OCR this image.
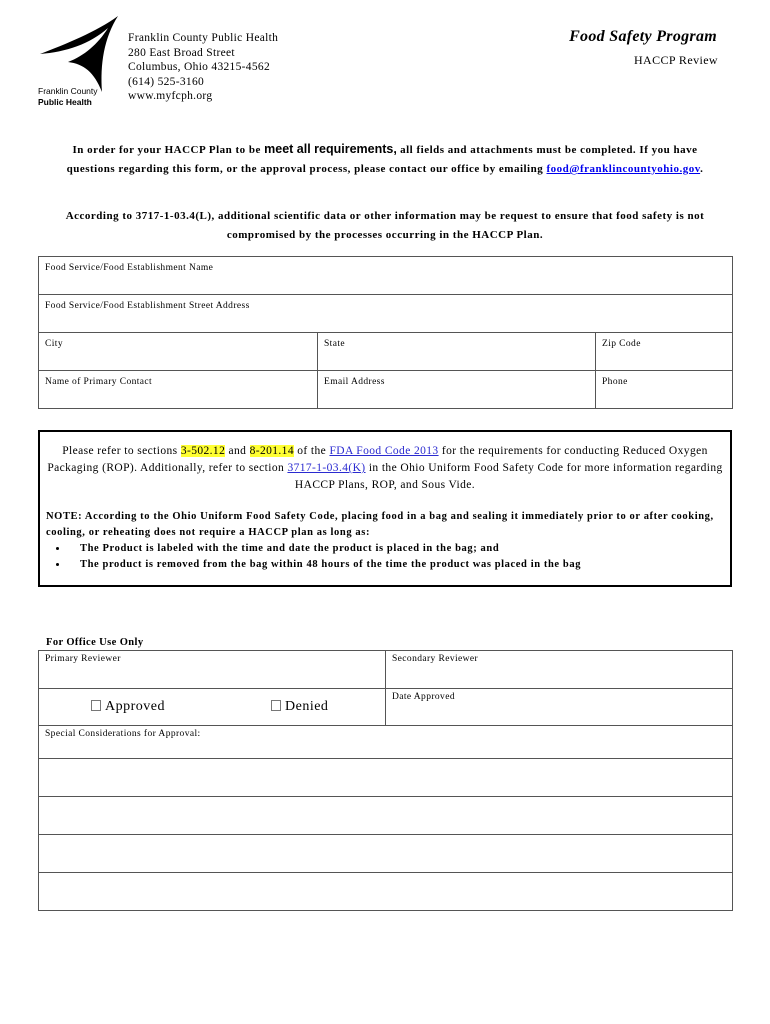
Franklin County
Public Health
Franklin County Public Health
280 East Broad Street
Columbus, Ohio 43215-4562
(614) 525-3160
www.myfcph.org
Food Safety Program
HACCP Review
In order for your HACCP Plan to be meet all requirements, all fields and attachments must be completed. If you have questions regarding this form, or the approval process, please contact our office by emailing food@franklincountyohio.gov.
According to 3717-1-03.4(L), additional scientific data or other information may be request to ensure that food safety is not compromised by the processes occurring in the HACCP Plan.
Food Service/Food Establishment Name		
Food Service/Food Establishment Street Address		
City	State	Zip Code
Name of Primary Contact	Email Address	Phone
Please refer to sections 3-502.12 and 8-201.14 of the FDA Food Code 2013 for the requirements for conducting Reduced Oxygen Packaging (ROP). Additionally, refer to section 3717-1-03.4(K) in the Ohio Uniform Food Safety Code for more information regarding HACCP Plans, ROP, and Sous Vide.
NOTE: According to the Ohio Uniform Food Safety Code, placing food in a bag and sealing it immediately prior to or after cooking, cooling, or reheating does not require a HACCP plan as long as:
• The Product is labeled with the time and date the product is placed in the bag; and
• The product is removed from the bag within 48 hours of the time the product was placed in the bag
For Office Use Only
Primary Reviewer	Secondary Reviewer

Approved Denied	Date Approved
Special Considerations for Approval:	
